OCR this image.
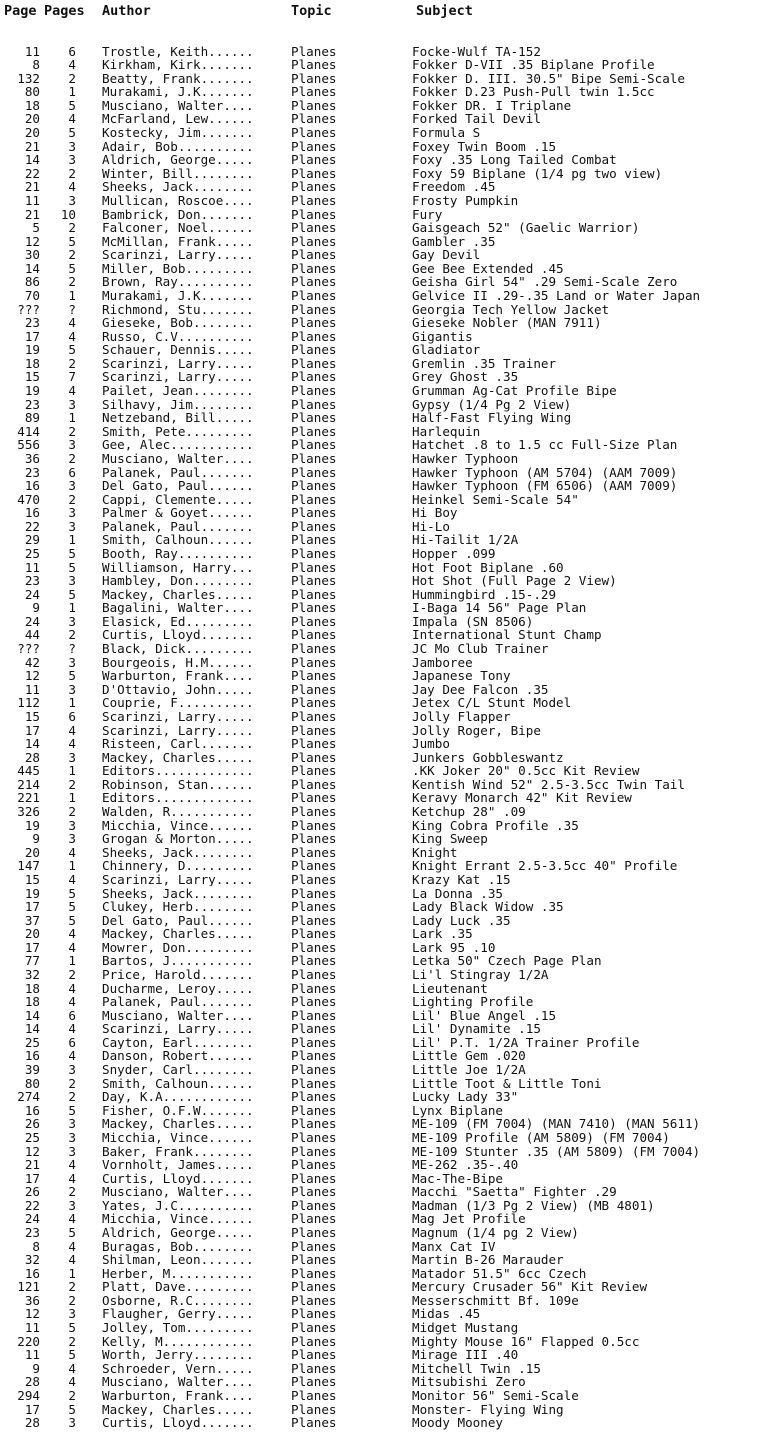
Page Pages Author	Topic	Subject
11	6 Trostle, Keith......	Planes	Focke-Wulf TA-152
8	4 Kirkham, Kirk.......	Planes	Fokker D-VII .35 Biplane Profile
132	2 Beatty, Frank.......	Planes	Fokker D. III. 30.5" Bipe Semi-Scale
80	1 Murakami, J.K.......	Planes	Fokker D.23 Push-Pull twin 1.5cc
18	5 Musciano, Walter....	Planes	Fokker DR. I Triplane
20	4 McFarland, Lew......	Planes	Forked Tail Devil
20	5 Kostecky, Jim.......	Planes	Formula S
21	3 Adair, Bob..........	Planes	Foxey Twin Boom .15
14	3 Aldrich, George.....	Planes	Foxy .35 Long Tailed Combat
22	2 Winter, Bill........	Planes	Foxy 59 Biplane (1/4 pg two view)
21	4 Sheeks, Jack........	Planes	Freedom .45
11	3 Mullican, Roscoe....	Planes	Frosty Pumpkin
21	10 Bambrick, Don.......	Planes	Fury
5	2 Falconer, Noel......	Planes	Gaisgeach 52" (Gaelic Warrior)
12	5 McMillan, Frank.....	Planes	Gambler .35
30	2 Scarinzi, Larry.....	Planes	Gay Devil
14	5 Miller, Bob.........	Planes	Gee Bee Extended .45
86	2 Brown, Ray..........	Planes	Geisha Girl 54" .29 Semi-Scale Zero
70	1 Murakami, J.K.......	Planes	Gelvice II .29-.35 Land or Water Japan
???	? Richmond, Stu.......	Planes	Georgia Tech Yellow Jacket
23	4 Gieseke, Bob........	Planes	Gieseke Nobler (MAN 7911)
17	4 Russo, C.V..........	Planes	Gigantis
19	5 Schauer, Dennis.....	Planes	Gladiator
18	2 Scarinzi, Larry.....	Planes	Gremlin .35 Trainer
15	7 Scarinzi, Larry.....	Planes	Grey Ghost .35
19	4 Pailet, Jean........	Planes	Grumman Ag-Cat Profile Bipe
23	3 Silhavy, Jim........	Planes	Gypsy (1/4 Pg 2 View)
89	1 Netzeband, Bill.....	Planes	Half-Fast Flying Wing
414	2 Smith, Pete.........	Planes	Harlequin
556	3 Gee, Alec...........	Planes	Hatchet .8 to 1.5 cc Full-Size Plan
36	2 Musciano, Walter....	Planes	Hawker Typhoon
23	6 Palanek, Paul.......	Planes	Hawker Typhoon (AM 5704) (AAM 7009)
16	3 Del Gato, Paul......	Planes	Hawker Typhoon (FM 6506) (AAM 7009)
470	2 Cappi, Clemente.....	Planes	Heinkel Semi-Scale 54"
16	3 Palmer & Goyet......	Planes	Hi Boy
22	3 Palanek, Paul.......	Planes	Hi-Lo
29	1 Smith, Calhoun......	Planes	Hi-Tailit 1/2A
25	5 Booth, Ray..........	Planes	Hopper .099
11	5 Williamson, Harry...	Planes	Hot Foot Biplane .60
23	3 Hambley, Don........	Planes	Hot Shot (Full Page 2 View)
24	5 Mackey, Charles.....	Planes	Hummingbird .15-.29
9	1 Bagalini, Walter....	Planes	I-Baga 14 56" Page Plan
24	3 Elasick, Ed.........	Planes	Impala (SN 8506)
44	2 Curtis, Lloyd.......	Planes	International Stunt Champ
???	? Black, Dick.........	Planes	JC Mo Club Trainer
42	3 Bourgeois, H.M......	Planes	Jamboree
12	5 Warburton, Frank....	Planes	Japanese Tony
11	3 D'Ottavio, John.....	Planes	Jay Dee Falcon .35
112	1 Couprie, F..........	Planes	Jetex C/L Stunt Model
15	6 Scarinzi, Larry.....	Planes	Jolly Flapper
17	4 Scarinzi, Larry.....	Planes	Jolly Roger, Bipe
14	4 Risteen, Carl.......	Planes	Jumbo
28	3 Mackey, Charles.....	Planes	Junkers Gobbleswantz
445	1 Editors.............	Planes	.KK Joker 20" 0.5cc Kit Review
214	2 Robinson, Stan......	Planes	Kentish Wind 52" 2.5-3.5cc Twin Tail
221	1 Editors.............	Planes	Keravy Monarch 42" Kit Review
326	2 Walden, R...........	Planes	Ketchup 28" .09
19	3 Micchia, Vince......	Planes	King Cobra Profile .35
9	3 Grogan & Morton.....	Planes	King Sweep
20	4 Sheeks, Jack........	Planes	Knight
147	1 Chinnery, D.........	Planes	Knight Errant 2.5-3.5cc 40" Profile
15	4 Scarinzi, Larry.....	Planes	Krazy Kat .15
19	5 Sheeks, Jack........	Planes	La Donna .35
17	5 Clukey, Herb........	Planes	Lady Black Widow .35
37	5 Del Gato, Paul......	Planes	Lady Luck .35
20	4 Mackey, Charles.....	Planes	Lark .35
17	4 Mowrer, Don.........	Planes	Lark 95 .10
77	1 Bartos, J...........	Planes	Letka 50" Czech Page Plan
32	2 Price, Harold.......	Planes	Li'l Stingray 1/2A
18	4 Ducharme, Leroy.....	Planes	Lieutenant
18	4 Palanek, Paul.......	Planes	Lighting Profile
14	6 Musciano, Walter....	Planes	Lil' Blue Angel .15
14	4 Scarinzi, Larry.....	Planes	Lil' Dynamite .15
25	6 Cayton, Earl........	Planes	Lil' P.T. 1/2A Trainer Profile
16	4 Danson, Robert......	Planes	Little Gem .020
39	3 Snyder, Carl........	Planes	Little Joe 1/2A
80	2 Smith, Calhoun......	Planes	Little Toot & Little Toni
274	2 Day, K.A............	Planes	Lucky Lady 33"
16	5 Fisher, O.F.W.......	Planes	Lynx Biplane
26	3 Mackey, Charles.....	Planes	ME-109 (FM 7004) (MAN 7410) (MAN 5611)
25	3 Micchia, Vince......	Planes	ME-109 Profile (AM 5809) (FM 7004)
12	3 Baker, Frank........	Planes	ME-109 Stunter .35 (AM 5809) (FM 7004)
21	4 Vornholt, James.....	Planes	ME-262 .35-.40
17	4 Curtis, Lloyd.......	Planes	Mac-The-Bipe
26	2 Musciano, Walter....	Planes	Macchi "Saetta" Fighter .29
22	3 Yates, J.C..........	Planes	Madman (1/3 Pg 2 View) (MB 4801)
24	4 Micchia, Vince......	Planes	Mag Jet Profile
23	5 Aldrich, George.....	Planes	Magnum (1/4 pg 2 View)
8	4 Buragas, Bob........	Planes	Manx Cat IV
32	4 Shilman, Leon.......	Planes	Martin B-26 Marauder
16	1 Herber, M...........	Planes	Matador 51.5" 6cc Czech
121	2 Platt, Dave.........	Planes	Mercury Crusader 56" Kit Review
36	2 Osborne, R.C........	Planes	Messerschmitt Bf. 109e
12	3 Flaugher, Gerry.....	Planes	Midas .45
11	5 Jolley, Tom.........	Planes	Midget Mustang
220	2 Kelly, M............	Planes	Mighty Mouse 16" Flapped 0.5cc
11	5 Worth, Jerry........	Planes	Mirage III .40
9	4 Schroeder, Vern.....	Planes	Mitchell Twin .15
28	4 Musciano, Walter....	Planes	Mitsubishi Zero
294	2 Warburton, Frank....	Planes	Monitor 56" Semi-Scale
17	5 Mackey, Charles.....	Planes	Monster- Flying Wing
28	3 Curtis, Lloyd.......	Planes	Moody Mooney
